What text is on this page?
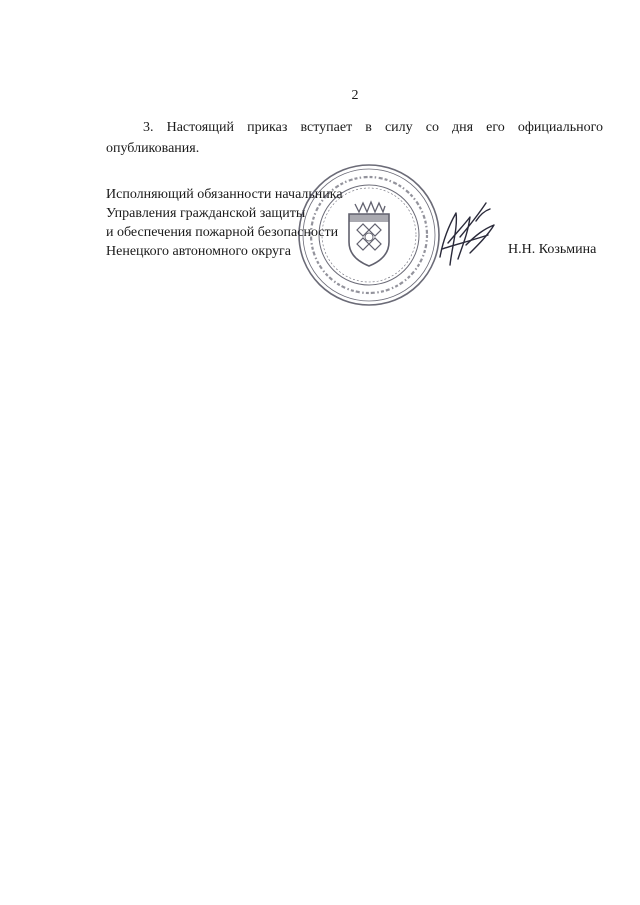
2
3. Настоящий приказ вступает в силу со дня его официального
опубликования.
Исполняющий обязанности начальника
Управления гражданской защиты
и обеспечения пожарной безопасности
Ненецкого автономного округа	Н.Н. Козьмина
